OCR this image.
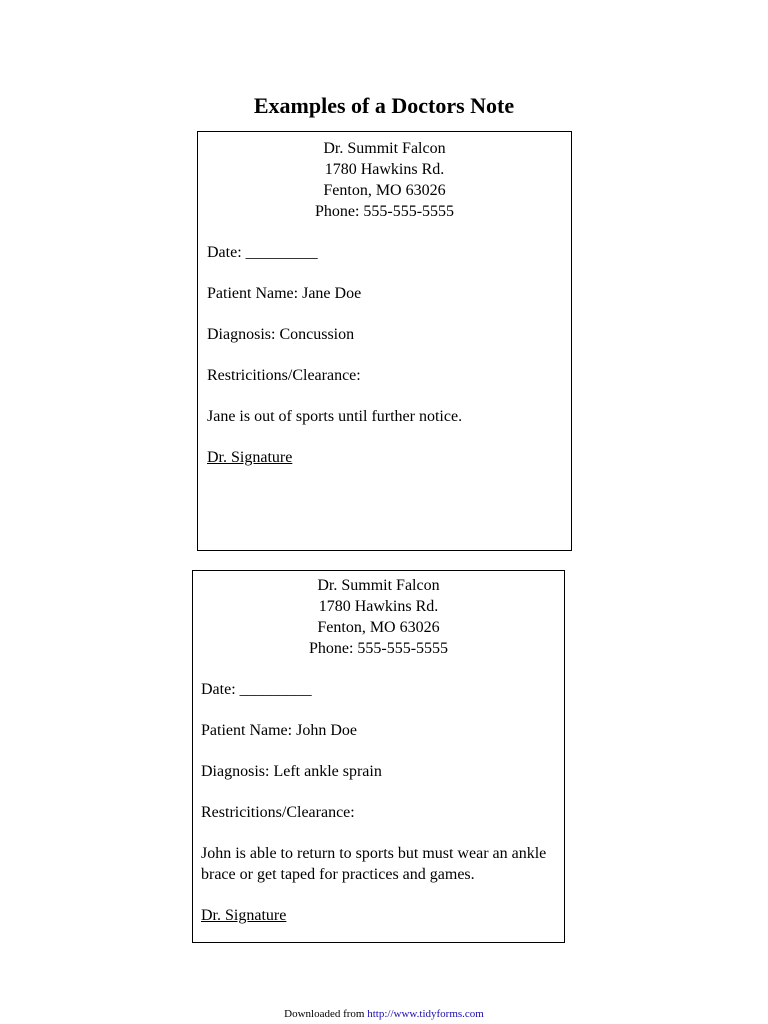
Examples of a Doctors Note
Dr. Summit Falcon
1780 Hawkins Rd.
Fenton, MO 63026
Phone: 555-555-5555
Date: _________
Patient Name: Jane Doe
Diagnosis: Concussion
Restricitions/Clearance:
Jane is out of sports until further notice.
Dr. Signature
Dr. Summit Falcon
1780 Hawkins Rd.
Fenton, MO 63026
Phone: 555-555-5555
Date: _________
Patient Name: John Doe
Diagnosis: Left ankle sprain
Restricitions/Clearance:
John is able to return to sports but must wear an ankle brace or get taped for practices and games.
Dr. Signature
Downloaded from http://www.tidyforms.com
